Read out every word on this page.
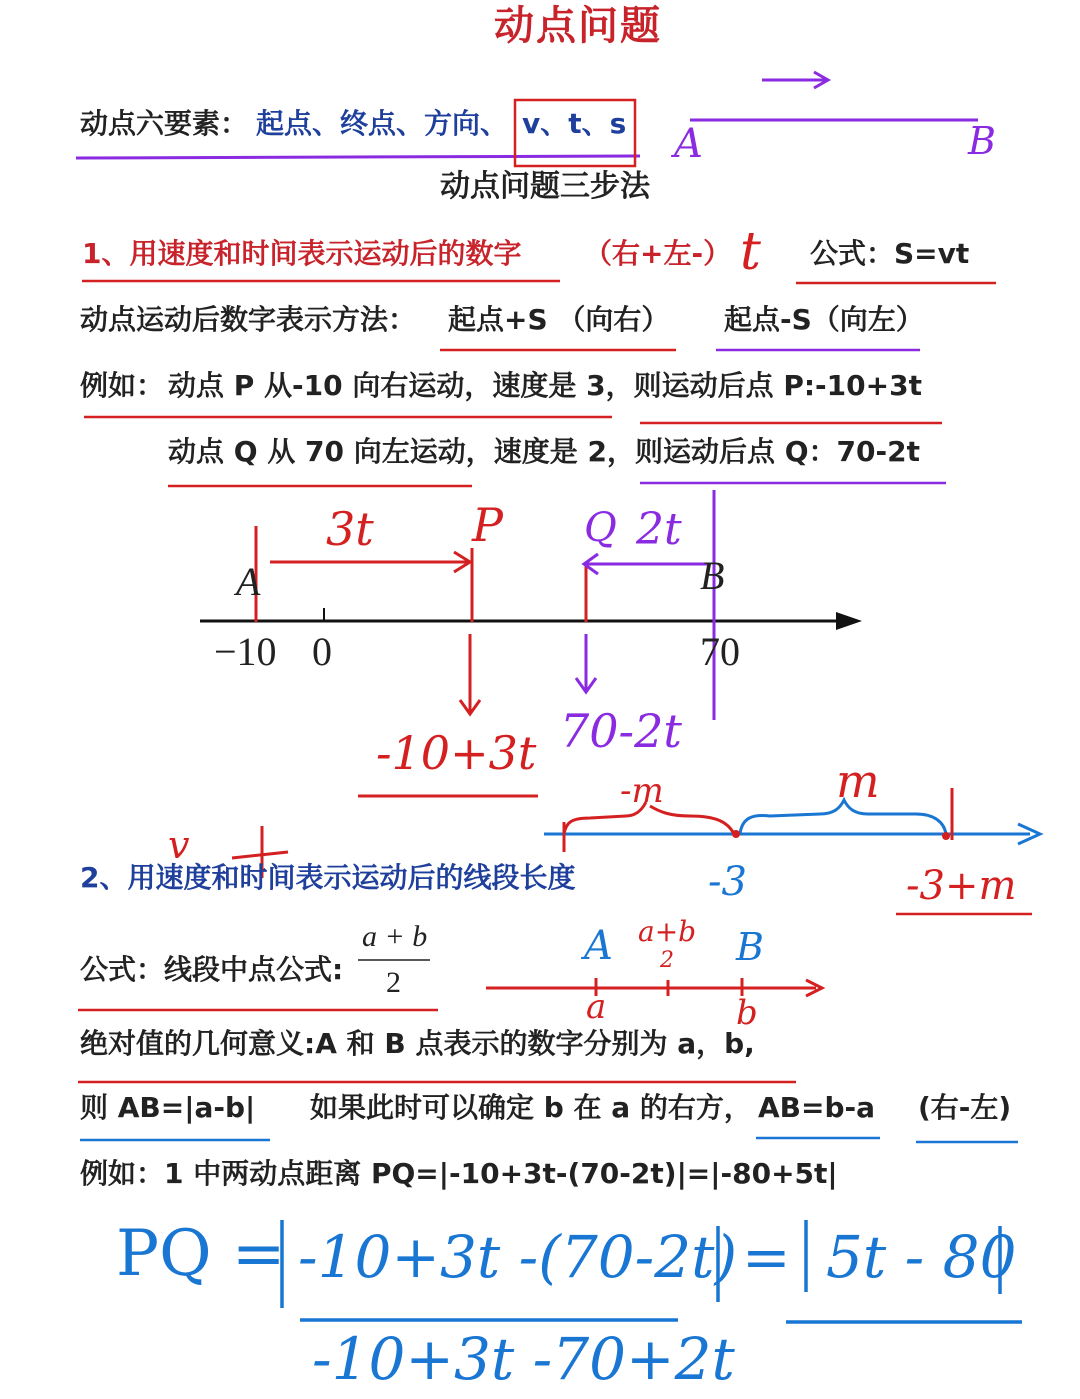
动点问题
动点六要素： 起点、终点、方向、 v、t、s A	B
动点问题三步法
1、用速度和时间表示运动后的数字 （右+左-） t 公式：S=vt
动点运动后数字表示方法： 起点+S （向右） 起点-S（向左）
例如： 动点 P 从-10 向右运动，速度是 3，则运动后点 P:-10+3t
动点 Q 从 70 向左运动，速度是 2，则运动后点 Q：70-2t
A	B
−10 0	70
3t P Q 2t
-10+3t 70-2t
-m	m
-3	-3+m
v
2、用速度和时间表示运动后的线段长度
公式：线段中点公式:
a + b
2
A a+b
2 B
a	b
绝对值的几何意义:A 和 B 点表示的数字分别为 a，b,
则 AB=|a-b| 如果此时可以确定 b 在 a 的右方， AB=b-a (右-左)
例如：1 中两动点距离 PQ=|-10+3t-(70-2t)|=|-80+5t|
PQ = -10+3t -(70-2t) = 5t - 80
-10+3t -70+2t
